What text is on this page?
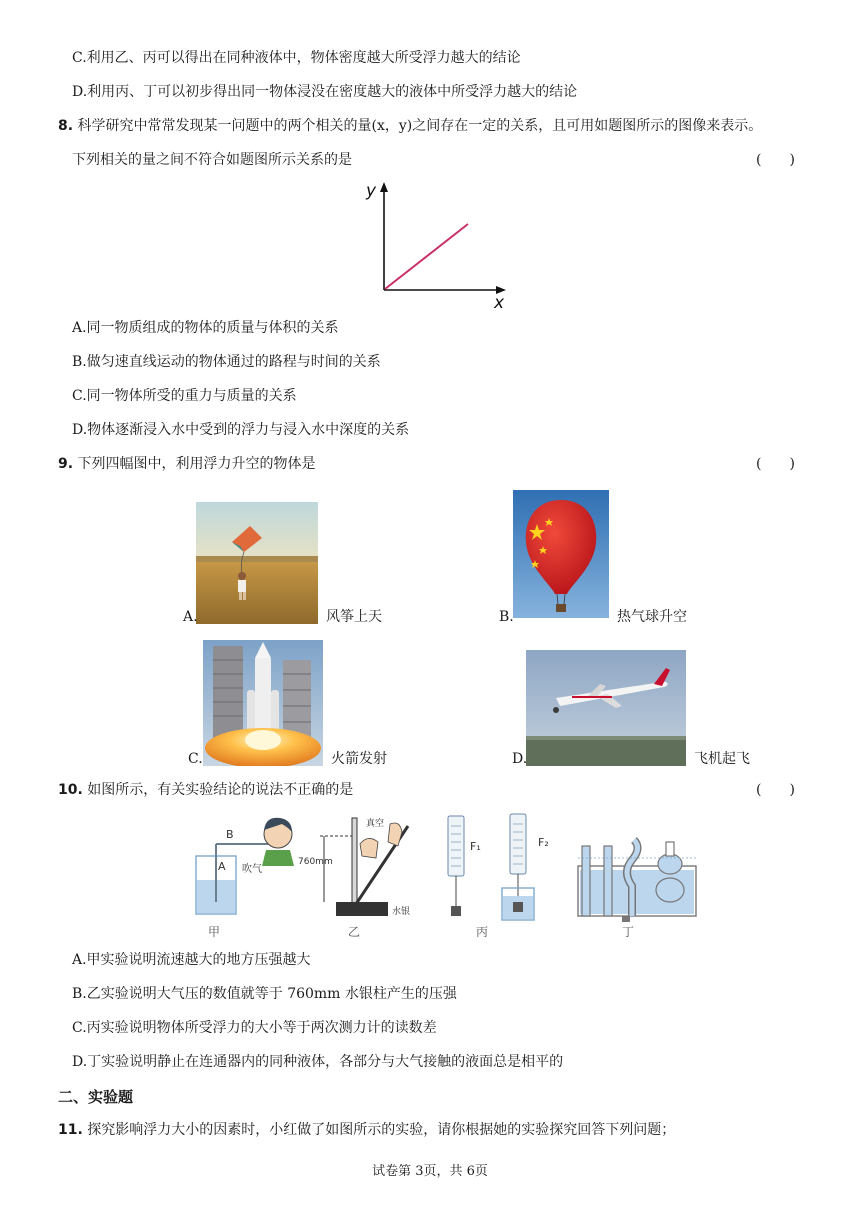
C.利用乙、丙可以得出在同种液体中，物体密度越大所受浮力越大的结论
D.利用丙、丁可以初步得出同一物体浸没在密度越大的液体中所受浮力越大的结论
8. 科学研究中常常发现某一问题中的两个相关的量(x，y)之间存在一定的关系，且可用如题图所示的图像来表示。
下列相关的量之间不符合如题图所示关系的是	(　　)
y
x
A.同一物质组成的物体的质量与体积的关系
B.做匀速直线运动的物体通过的路程与时间的关系
C.同一物体所受的重力与质量的关系
D.物体逐渐浸入水中受到的浮力与浸入水中深度的关系
9. 下列四幅图中，利用浮力升空的物体是	(　　)
A.	风筝上天	B.	热气球升空
C.	火箭发射	D.	飞机起飞
10. 如图所示，有关实验结论的说法不正确的是	(　　)
B
A 吹气
甲
760mm
真空
水银
乙
F₁	F₂
丙	丁
A.甲实验说明流速越大的地方压强越大
B.乙实验说明大气压的数值就等于 760mm 水银柱产生的压强
C.丙实验说明物体所受浮力的大小等于两次测力计的读数差
D.丁实验说明静止在连通器内的同种液体，各部分与大气接触的液面总是相平的
二、实验题
11. 探究影响浮力大小的因素时，小红做了如图所示的实验，请你根据她的实验探究回答下列问题；
试卷第 3页，共 6页
